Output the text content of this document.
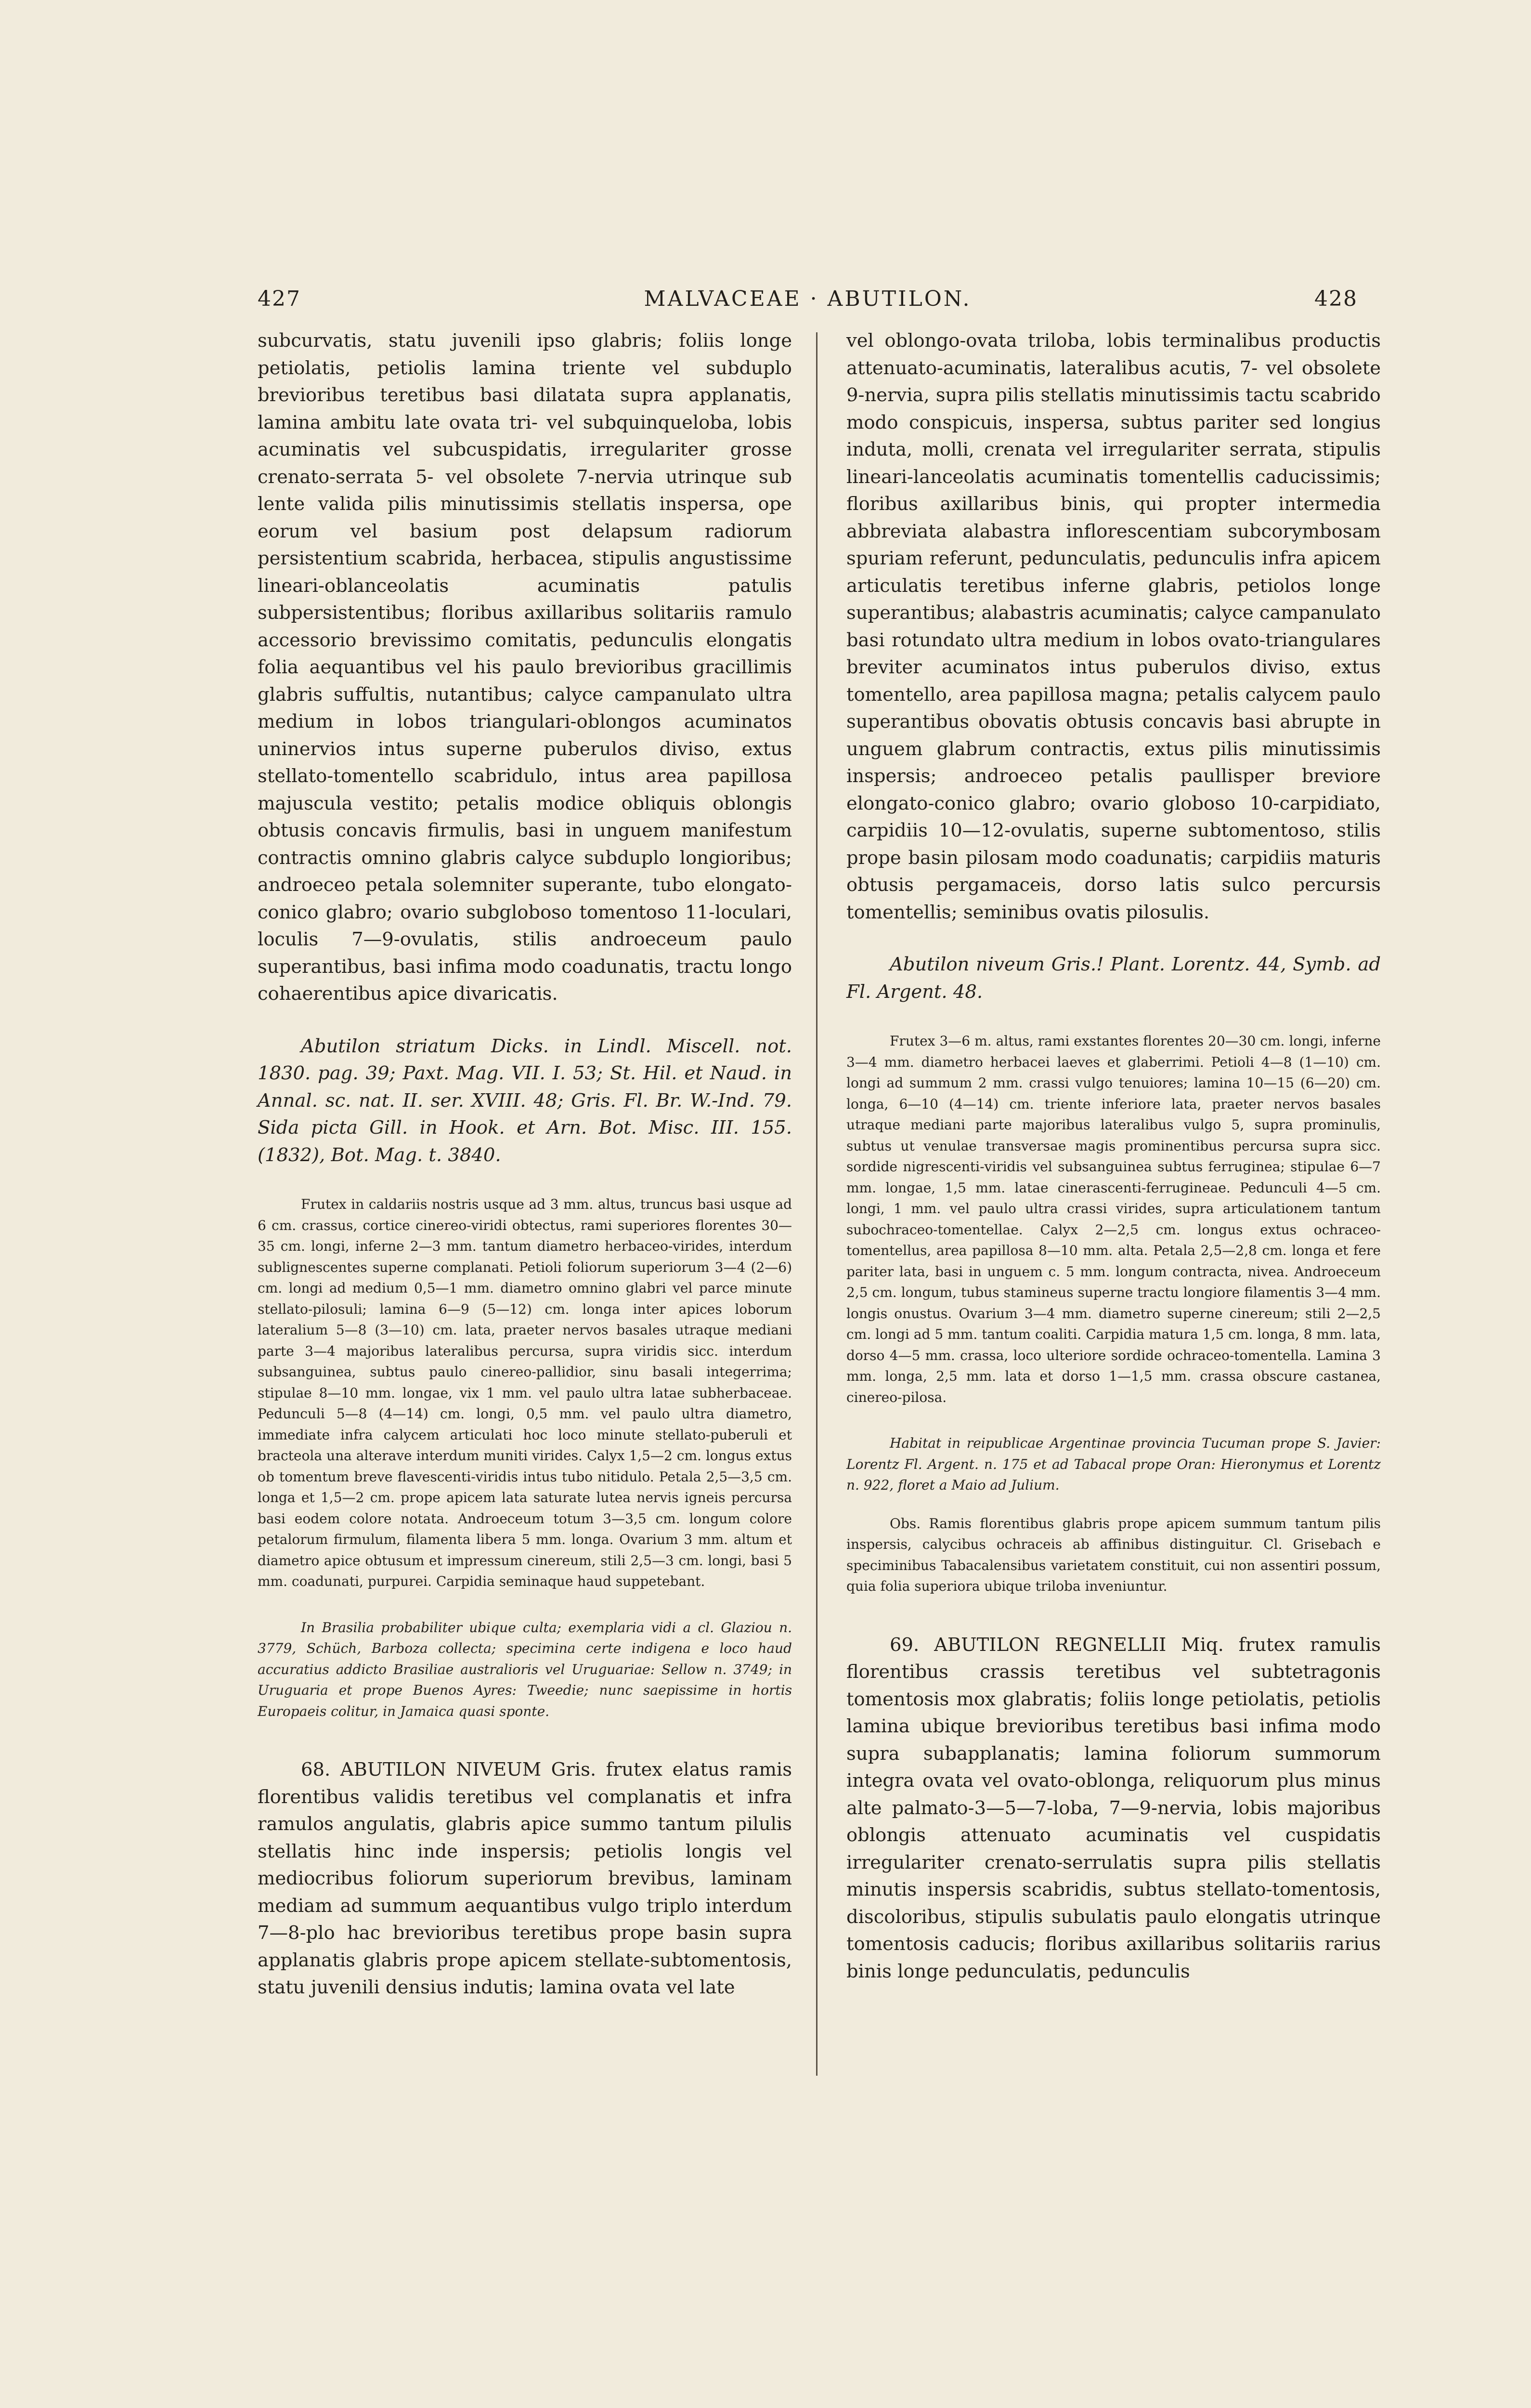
427	MALVACEAE · ABUTILON.	428

subcurvatis, statu juvenili ipso glabris; foliis longe petiolatis, petiolis lamina triente vel subduplo brevioribus teretibus basi dilatata supra applanatis, lamina ambitu late ovata tri- vel subquinqueloba, lobis acuminatis vel subcuspidatis, irregulariter grosse crenato-serrata 5- vel obsolete 7-nervia utrinque sub lente valida pilis minutissimis stellatis inspersa, ope eorum vel basium post delapsum radiorum persistentium scabrida, herbacea, stipulis angustissime lineari-oblanceolatis acuminatis patulis subpersistentibus; floribus axillaribus solitariis ramulo accessorio brevissimo comitatis, pedunculis elongatis folia aequantibus vel his paulo brevioribus gracillimis glabris suffultis, nutantibus; calyce campanulato ultra medium in lobos triangulari-oblongos acuminatos uninervios intus superne puberulos diviso, extus stellato-tomentello scabridulo, intus area papillosa majuscula vestito; petalis modice obliquis oblongis obtusis concavis firmulis, basi in unguem manifestum contractis omnino glabris calyce subduplo longioribus; androeceo petala solemniter superante, tubo elongato-conico glabro; ovario subgloboso tomentoso 11-loculari, loculis 7—9-ovulatis, stilis androeceum paulo superantibus, basi infima modo coadunatis, tractu longo cohaerentibus apice divaricatis.

Abutilon striatum Dicks. in Lindl. Miscell. not. 1830. pag. 39; Paxt. Mag. VII. I. 53; St. Hil. et Naud. in Annal. sc. nat. II. ser. XVIII. 48; Gris. Fl. Br. W.-Ind. 79. Sida picta Gill. in Hook. et Arn. Bot. Misc. III. 155. (1832), Bot. Mag. t. 3840.

Frutex in caldariis nostris usque ad 3 mm. altus, truncus basi usque ad 6 cm. crassus, cortice cinereo-viridi obtectus, rami superiores florentes 30—35 cm. longi, inferne 2—3 mm. tantum diametro herbaceo-virides, interdum sublignescentes superne complanati. Petioli foliorum superiorum 3—4 (2—6) cm. longi ad medium 0,5—1 mm. diametro omnino glabri vel parce minute stellato-pilosuli; lamina 6—9 (5—12) cm. longa inter apices loborum lateralium 5—8 (3—10) cm. lata, praeter nervos basales utraque mediani parte 3—4 majoribus lateralibus percursa, supra viridis sicc. interdum subsanguinea, subtus paulo cinereo-pallidior, sinu basali integerrima; stipulae 8—10 mm. longae, vix 1 mm. vel paulo ultra latae subherbaceae. Pedunculi 5—8 (4—14) cm. longi, 0,5 mm. vel paulo ultra diametro, immediate infra calycem articulati hoc loco minute stellato-puberuli et bracteola una alterave interdum muniti virides. Calyx 1,5—2 cm. longus extus ob tomentum breve flavescenti-viridis intus tubo nitidulo. Petala 2,5—3,5 cm. longa et 1,5—2 cm. prope apicem lata saturate lutea nervis igneis percursa basi eodem colore notata. Androeceum totum 3—3,5 cm. longum colore petalorum firmulum, filamenta libera 5 mm. longa. Ovarium 3 mm. altum et diametro apice obtusum et impressum cinereum, stili 2,5—3 cm. longi, basi 5 mm. coadunati, purpurei. Carpidia seminaque haud suppetebant.

In Brasilia probabiliter ubique culta; exemplaria vidi a cl. Glaziou n. 3779, Schüch, Barboza collecta; specimina certe indigena e loco haud accuratius addicto Brasiliae australioris vel Uruguariae: Sellow n. 3749; in Uruguaria et prope Buenos Ayres: Tweedie; nunc saepissime in hortis Europaeis colitur, in Jamaica quasi sponte.

68. ABUTILON NIVEUM Gris. frutex elatus ramis florentibus validis teretibus vel complanatis et infra ramulos angulatis, glabris apice summo tantum pilulis stellatis hinc inde inspersis; petiolis longis vel mediocribus foliorum superiorum brevibus, laminam mediam ad summum aequantibus vulgo triplo interdum 7—8-plo hac brevioribus teretibus prope basin supra applanatis glabris prope apicem stellate-subtomentosis, statu juvenili densius indutis; lamina ovata vel late

vel oblongo-ovata triloba, lobis terminalibus productis attenuato-acuminatis, lateralibus acutis, 7- vel obsolete 9-nervia, supra pilis stellatis minutissimis tactu scabrido modo conspicuis, inspersa, subtus pariter sed longius induta, molli, crenata vel irregulariter serrata, stipulis lineari-lanceolatis acuminatis tomentellis caducissimis; floribus axillaribus binis, qui propter intermedia abbreviata alabastra inflorescentiam subcorymbosam spuriam referunt, pedunculatis, pedunculis infra apicem articulatis teretibus inferne glabris, petiolos longe superantibus; alabastris acuminatis; calyce campanulato basi rotundato ultra medium in lobos ovato-triangulares breviter acuminatos intus puberulos diviso, extus tomentello, area papillosa magna; petalis calycem paulo superantibus obovatis obtusis concavis basi abrupte in unguem glabrum contractis, extus pilis minutissimis inspersis; androeceo petalis paullisper breviore elongato-conico glabro; ovario globoso 10-carpidiato, carpidiis 10—12-ovulatis, superne subtomentoso, stilis prope basin pilosam modo coadunatis; carpidiis maturis obtusis pergamaceis, dorso latis sulco percursis tomentellis; seminibus ovatis pilosulis.

Abutilon niveum Gris.! Plant. Lorentz. 44, Symb. ad Fl. Argent. 48.

Frutex 3—6 m. altus, rami exstantes florentes 20—30 cm. longi, inferne 3—4 mm. diametro herbacei laeves et glaberrimi. Petioli 4—8 (1—10) cm. longi ad summum 2 mm. crassi vulgo tenuiores; lamina 10—15 (6—20) cm. longa, 6—10 (4—14) cm. triente inferiore lata, praeter nervos basales utraque mediani parte majoribus lateralibus vulgo 5, supra prominulis, subtus ut venulae transversae magis prominentibus percursa supra sicc. sordide nigrescenti-viridis vel subsanguinea subtus ferruginea; stipulae 6—7 mm. longae, 1,5 mm. latae cinerascenti-ferrugineae. Pedunculi 4—5 cm. longi, 1 mm. vel paulo ultra crassi virides, supra articulationem tantum subochraceo-tomentellae. Calyx 2—2,5 cm. longus extus ochraceo-tomentellus, area papillosa 8—10 mm. alta. Petala 2,5—2,8 cm. longa et fere pariter lata, basi in unguem c. 5 mm. longum contracta, nivea. Androeceum 2,5 cm. longum, tubus stamineus superne tractu longiore filamentis 3—4 mm. longis onustus. Ovarium 3—4 mm. diametro superne cinereum; stili 2—2,5 cm. longi ad 5 mm. tantum coaliti. Carpidia matura 1,5 cm. longa, 8 mm. lata, dorso 4—5 mm. crassa, loco ulteriore sordide ochraceo-tomentella. Lamina 3 mm. longa, 2,5 mm. lata et dorso 1—1,5 mm. crassa obscure castanea, cinereo-pilosa.

Habitat in reipublicae Argentinae provincia Tucuman prope S. Javier: Lorentz Fl. Argent. n. 175 et ad Tabacal prope Oran: Hieronymus et Lorentz n. 922, floret a Maio ad Julium.

Obs. Ramis florentibus glabris prope apicem summum tantum pilis inspersis, calycibus ochraceis ab affinibus distinguitur. Cl. Grisebach e speciminibus Tabacalensibus varietatem constituit, cui non assentiri possum, quia folia superiora ubique triloba inveniuntur.

69. ABUTILON REGNELLII Miq. frutex ramulis florentibus crassis teretibus vel subtetragonis tomentosis mox glabratis; foliis longe petiolatis, petiolis lamina ubique brevioribus teretibus basi infima modo supra subapplanatis; lamina foliorum summorum integra ovata vel ovato-oblonga, reliquorum plus minus alte palmato-3—5—7-loba, 7—9-nervia, lobis majoribus oblongis attenuato acuminatis vel cuspidatis irregulariter crenato-serrulatis supra pilis stellatis minutis inspersis scabridis, subtus stellato-tomentosis, discoloribus, stipulis subulatis paulo elongatis utrinque tomentosis caducis; floribus axillaribus solitariis rarius binis longe pedunculatis, pedunculis
